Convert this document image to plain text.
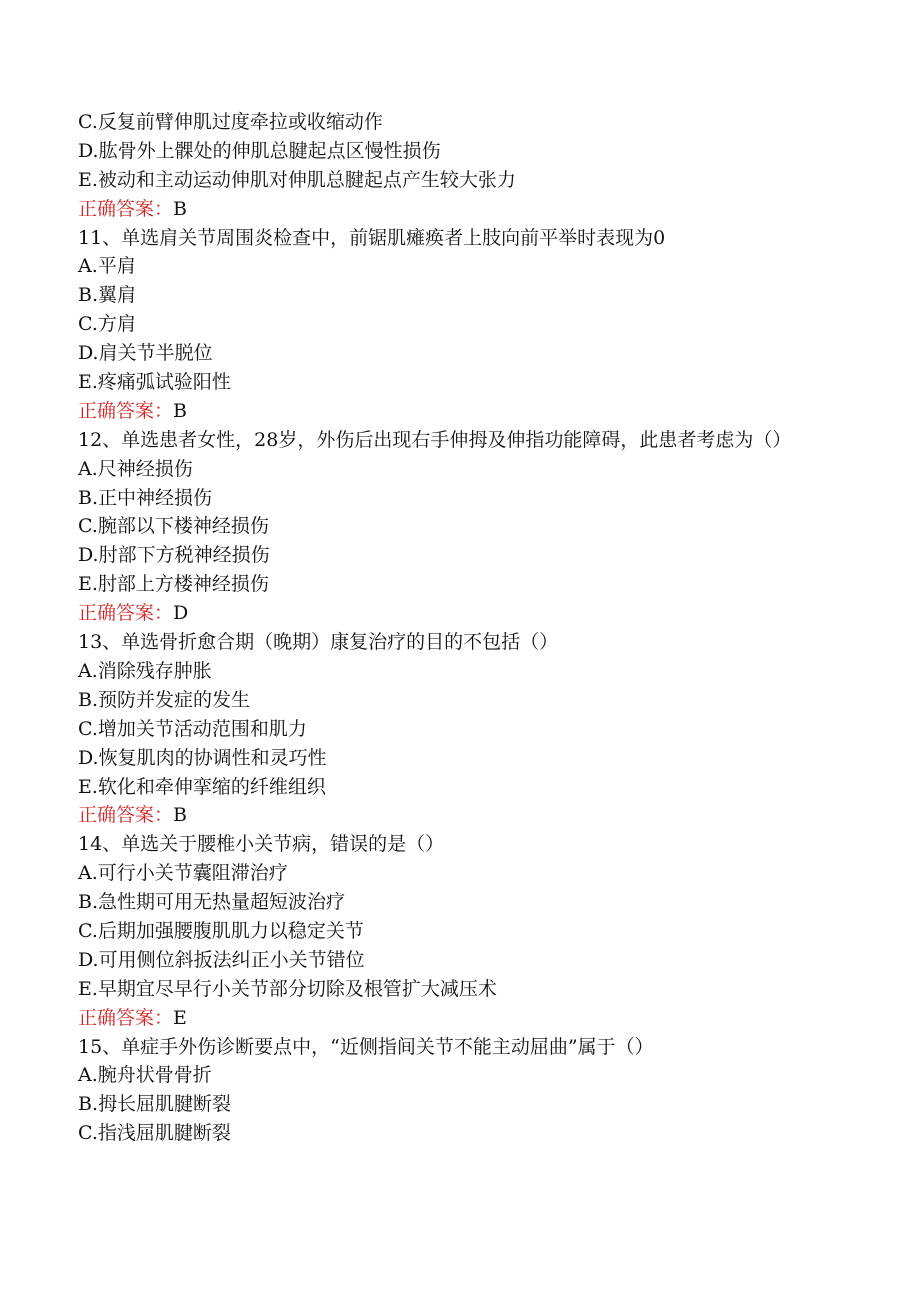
C.反复前臂伸肌过度牵拉或收缩动作
D.肱骨外上髁处的伸肌总腱起点区慢性损伤
E.被动和主动运动伸肌对伸肌总腱起点产生较大张力
正确答案：B
11、单选肩关节周围炎检查中，前锯肌瘫痪者上肢向前平举时表现为0
A.平肩
B.翼肩
C.方肩
D.肩关节半脱位
E.疼痛弧试验阳性
正确答案：B
12、单选患者女性，28岁，外伤后出现右手伸拇及伸指功能障碍，此患者考虑为（）
A.尺神经损伤
B.正中神经损伤
C.腕部以下楼神经损伤
D.肘部下方税神经损伤
E.肘部上方楼神经损伤
正确答案：D
13、单选骨折愈合期（晚期）康复治疗的目的不包括（）
A.消除残存肿胀
B.预防并发症的发生
C.增加关节活动范围和肌力
D.恢复肌肉的协调性和灵巧性
E.软化和牵伸挛缩的纤维组织
正确答案：B
14、单选关于腰椎小关节病，错误的是（）
A.可行小关节囊阻滞治疗
B.急性期可用无热量超短波治疗
C.后期加强腰腹肌肌力以稳定关节
D.可用侧位斜扳法纠正小关节错位
E.早期宜尽早行小关节部分切除及根管扩大减压术
正确答案：E
15、单症手外伤诊断要点中，“近侧指间关节不能主动屈曲”属于（）
A.腕舟状骨骨折
B.拇长屈肌腱断裂
C.指浅屈肌腱断裂
